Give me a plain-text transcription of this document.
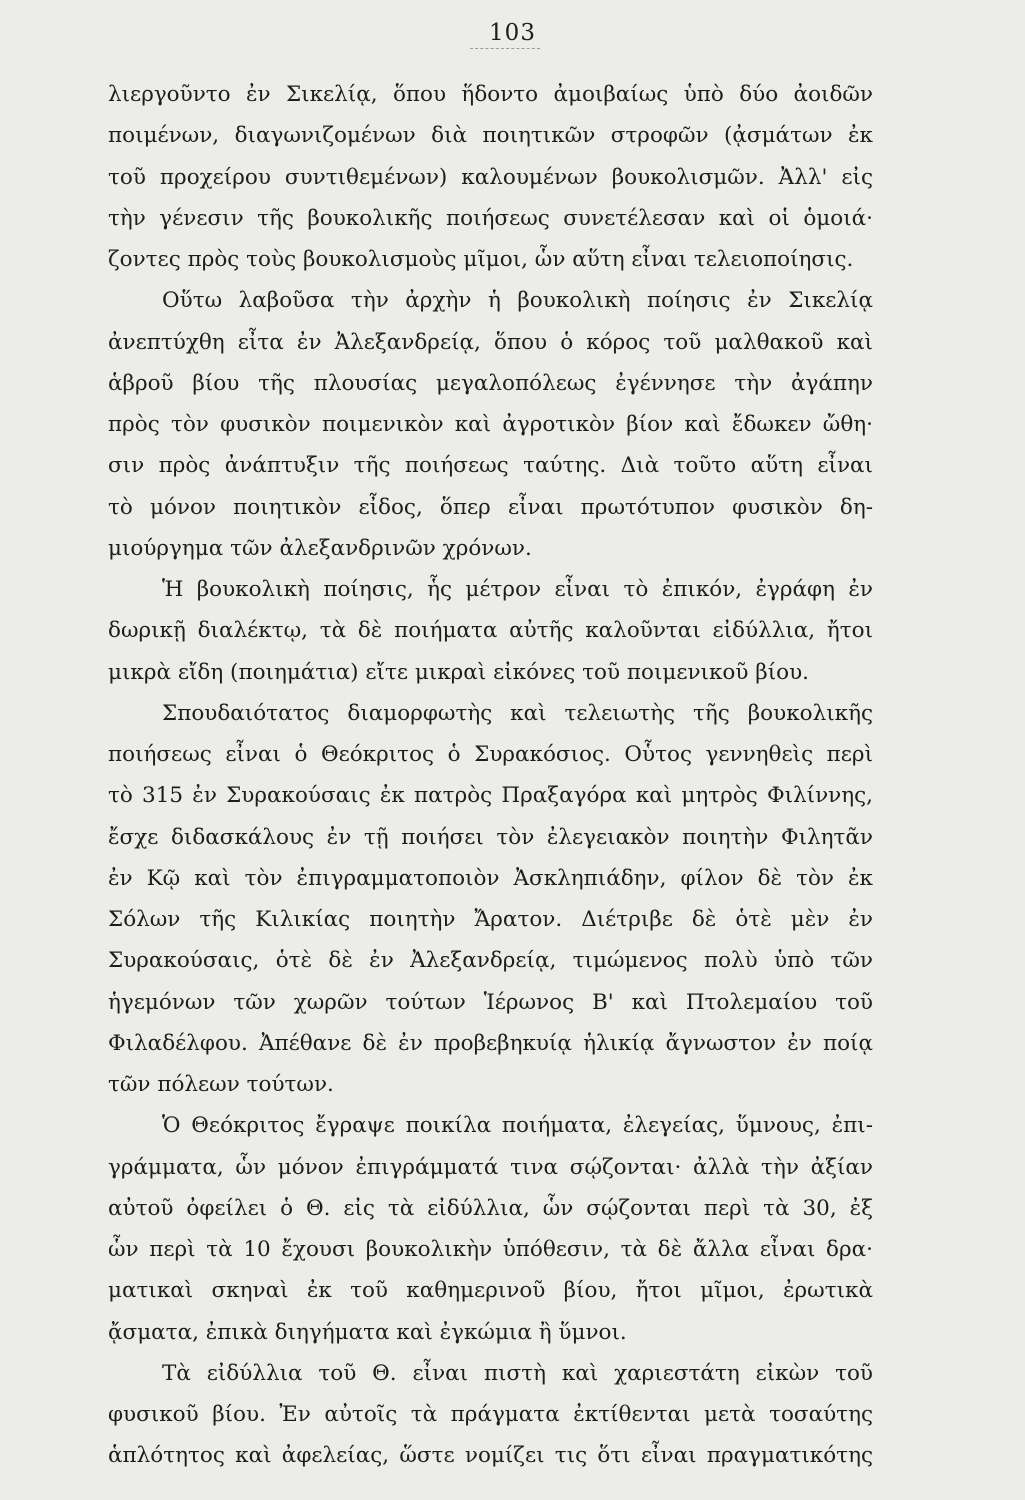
103
λιεργοῦντο ἐν Σικελίᾳ, ὅπου ἥδοντο ἀμοιβαίως ὑπὸ δύο ἀοιδῶν
ποιμένων, διαγωνιζομένων διὰ ποιητικῶν στροφῶν (ᾀσμάτων ἐκ
τοῦ προχείρου συντιθεμένων) καλουμένων βουκολισμῶν. Ἀλλ' εἰς
τὴν γένεσιν τῆς βουκολικῆς ποιήσεως συνετέλεσαν καὶ οἱ ὁμοιά·
ζοντες πρὸς τοὺς βουκολισμοὺς μῖμοι, ὧν αὕτη εἶναι τελειοποίησις.
Οὕτω λαβοῦσα τὴν ἀρχὴν ἡ βουκολικὴ ποίησις ἐν Σικελίᾳ
ἀνεπτύχθη εἶτα ἐν Ἀλεξανδρείᾳ, ὅπου ὁ κόρος τοῦ μαλθακοῦ καὶ
ἁβροῦ βίου τῆς πλουσίας μεγαλοπόλεως ἐγέννησε τὴν ἀγάπην
πρὸς τὸν φυσικὸν ποιμενικὸν καὶ ἀγροτικὸν βίον καὶ ἔδωκεν ὤθη·
σιν πρὸς ἀνάπτυξιν τῆς ποιήσεως ταύτης. Διὰ τοῦτο αὕτη εἶναι
τὸ μόνον ποιητικὸν εἶδος, ὅπερ εἶναι πρωτότυπον φυσικὸν δη-
μιούργημα τῶν ἀλεξανδρινῶν χρόνων.
Ἡ βουκολικὴ ποίησις, ἧς μέτρον εἶναι τὸ ἐπικόν, ἐγράφη ἐν
δωρικῇ διαλέκτῳ, τὰ δὲ ποιήματα αὐτῆς καλοῦνται εἰδύλλια, ἤτοι
μικρὰ εἴδη (ποιημάτια) εἴτε μικραὶ εἰκόνες τοῦ ποιμενικοῦ βίου.
Σπουδαιότατος διαμορφωτὴς καὶ τελειωτὴς τῆς βουκολικῆς
ποιήσεως εἶναι ὁ Θεόκριτος ὁ Συρακόσιος. Οὗτος γεννηθεὶς περὶ
τὸ 315 ἐν Συρακούσαις ἐκ πατρὸς Πραξαγόρα καὶ μητρὸς Φιλίννης,
ἔσχε διδασκάλους ἐν τῇ ποιήσει τὸν ἐλεγειακὸν ποιητὴν Φιλητᾶν
ἐν Κῷ καὶ τὸν ἐπιγραμματοποιὸν Ἀσκληπιάδην, φίλον δὲ τὸν ἐκ
Σόλων τῆς Κιλικίας ποιητὴν Ἄρατον. Διέτριβε δὲ ὁτὲ μὲν ἐν
Συρακούσαις, ὁτὲ δὲ ἐν Ἀλεξανδρείᾳ, τιμώμενος πολὺ ὑπὸ τῶν
ἡγεμόνων τῶν χωρῶν τούτων Ἱέρωνος Β' καὶ Πτολεμαίου τοῦ
Φιλαδέλφου. Ἀπέθανε δὲ ἐν προβεβηκυίᾳ ἡλικίᾳ ἄγνωστον ἐν ποίᾳ
τῶν πόλεων τούτων.
Ὁ Θεόκριτος ἔγραψε ποικίλα ποιήματα, ἐλεγείας, ὕμνους, ἐπι-
γράμματα, ὧν μόνον ἐπιγράμματά τινα σῴζονται· ἀλλὰ τὴν ἀξίαν
αὐτοῦ ὀφείλει ὁ Θ. εἰς τὰ εἰδύλλια, ὧν σῴζονται περὶ τὰ 30, ἐξ
ὧν περὶ τὰ 10 ἔχουσι βουκολικὴν ὑπόθεσιν, τὰ δὲ ἄλλα εἶναι δρα·
ματικαὶ σκηναὶ ἐκ τοῦ καθημερινοῦ βίου, ἤτοι μῖμοι, ἐρωτικὰ
ᾄσματα, ἐπικὰ διηγήματα καὶ ἐγκώμια ἢ ὕμνοι.
Τὰ εἰδύλλια τοῦ Θ. εἶναι πιστὴ καὶ χαριεστάτη εἰκὼν τοῦ
φυσικοῦ βίου. Ἐν αὐτοῖς τὰ πράγματα ἐκτίθενται μετὰ τοσαύτης
ἁπλότητος καὶ ἀφελείας, ὥστε νομίζει τις ὅτι εἶναι πραγματικότης
